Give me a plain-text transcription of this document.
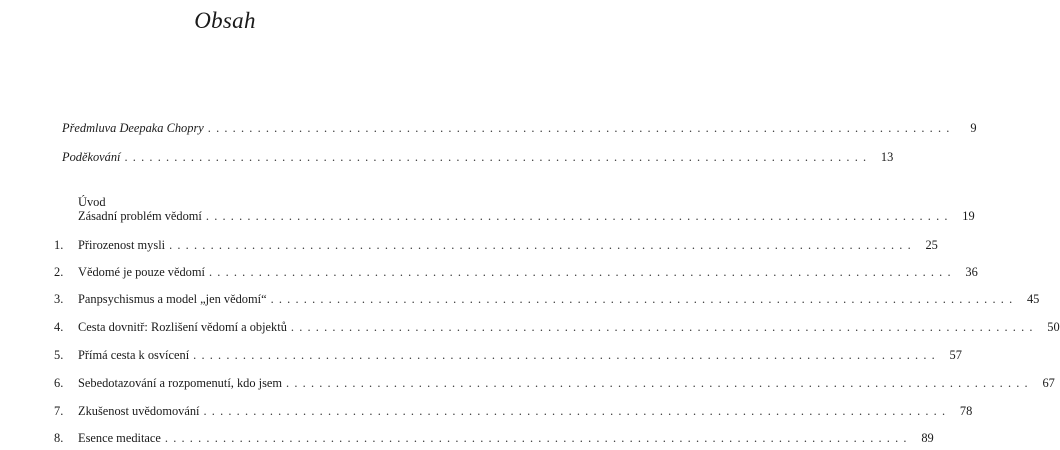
Obsah
Předmluva Deepaka Chopry ..........................................................................................	9
Poděkování .......................................................................................... 13
Úvod
Zásadní problém vědomí .......................................................................................... 19
1.	Přirozenost mysli .......................................................................................... 25
2.	Vědomé je pouze vědomí .......................................................................................... 36
3.	Panpsychismus a model „jen vědomí“ .......................................................................................... 45
4.	Cesta dovnitř: Rozlišení vědomí a objektů .......................................................................................... 50
5.	Přímá cesta k osvícení .......................................................................................... 57
6.	Sebedotazování a rozpomenutí, kdo jsem .......................................................................................... 67
7.	Zkušenost uvědomování .......................................................................................... 78
8.	Esence meditace .......................................................................................... 89
